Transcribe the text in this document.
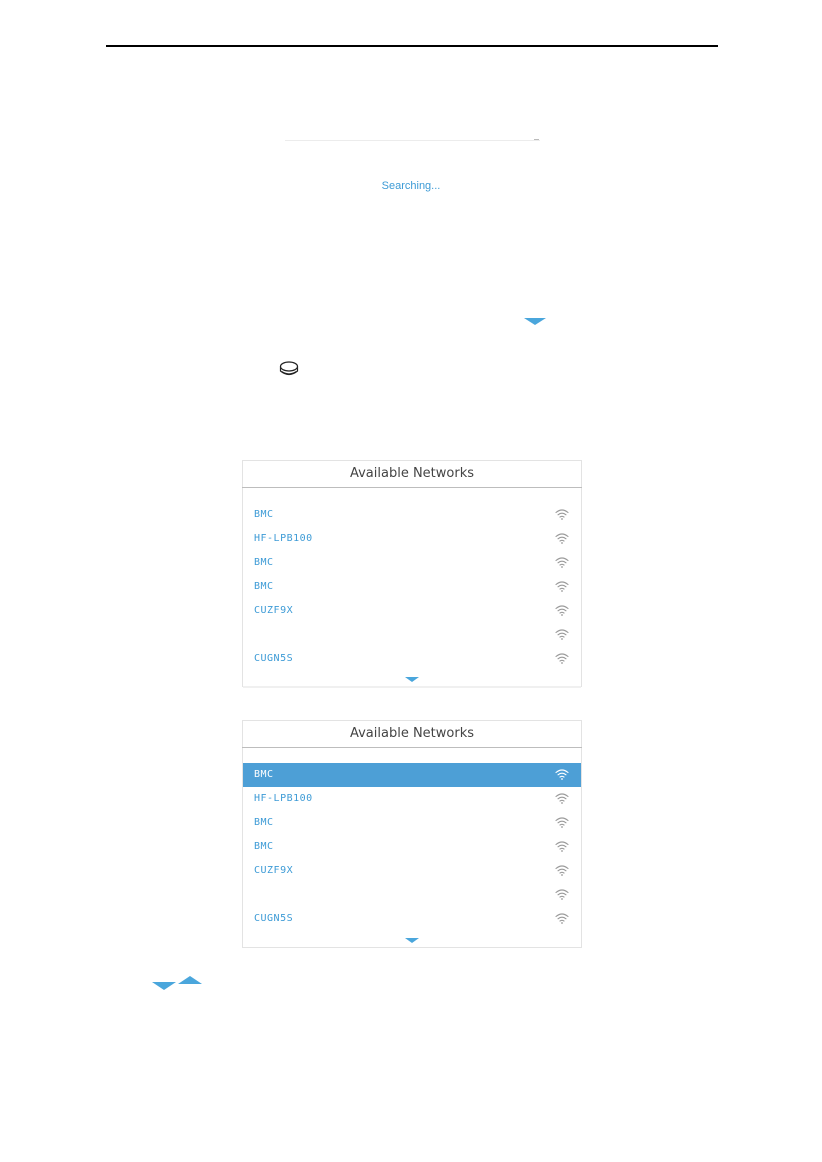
Searching...
Available Networks
BMC
HF-LPB100
BMC
BMC
CUZF9X
CUGN5S
Available Networks
BMC
HF-LPB100
BMC
BMC
CUZF9X
CUGN5S
